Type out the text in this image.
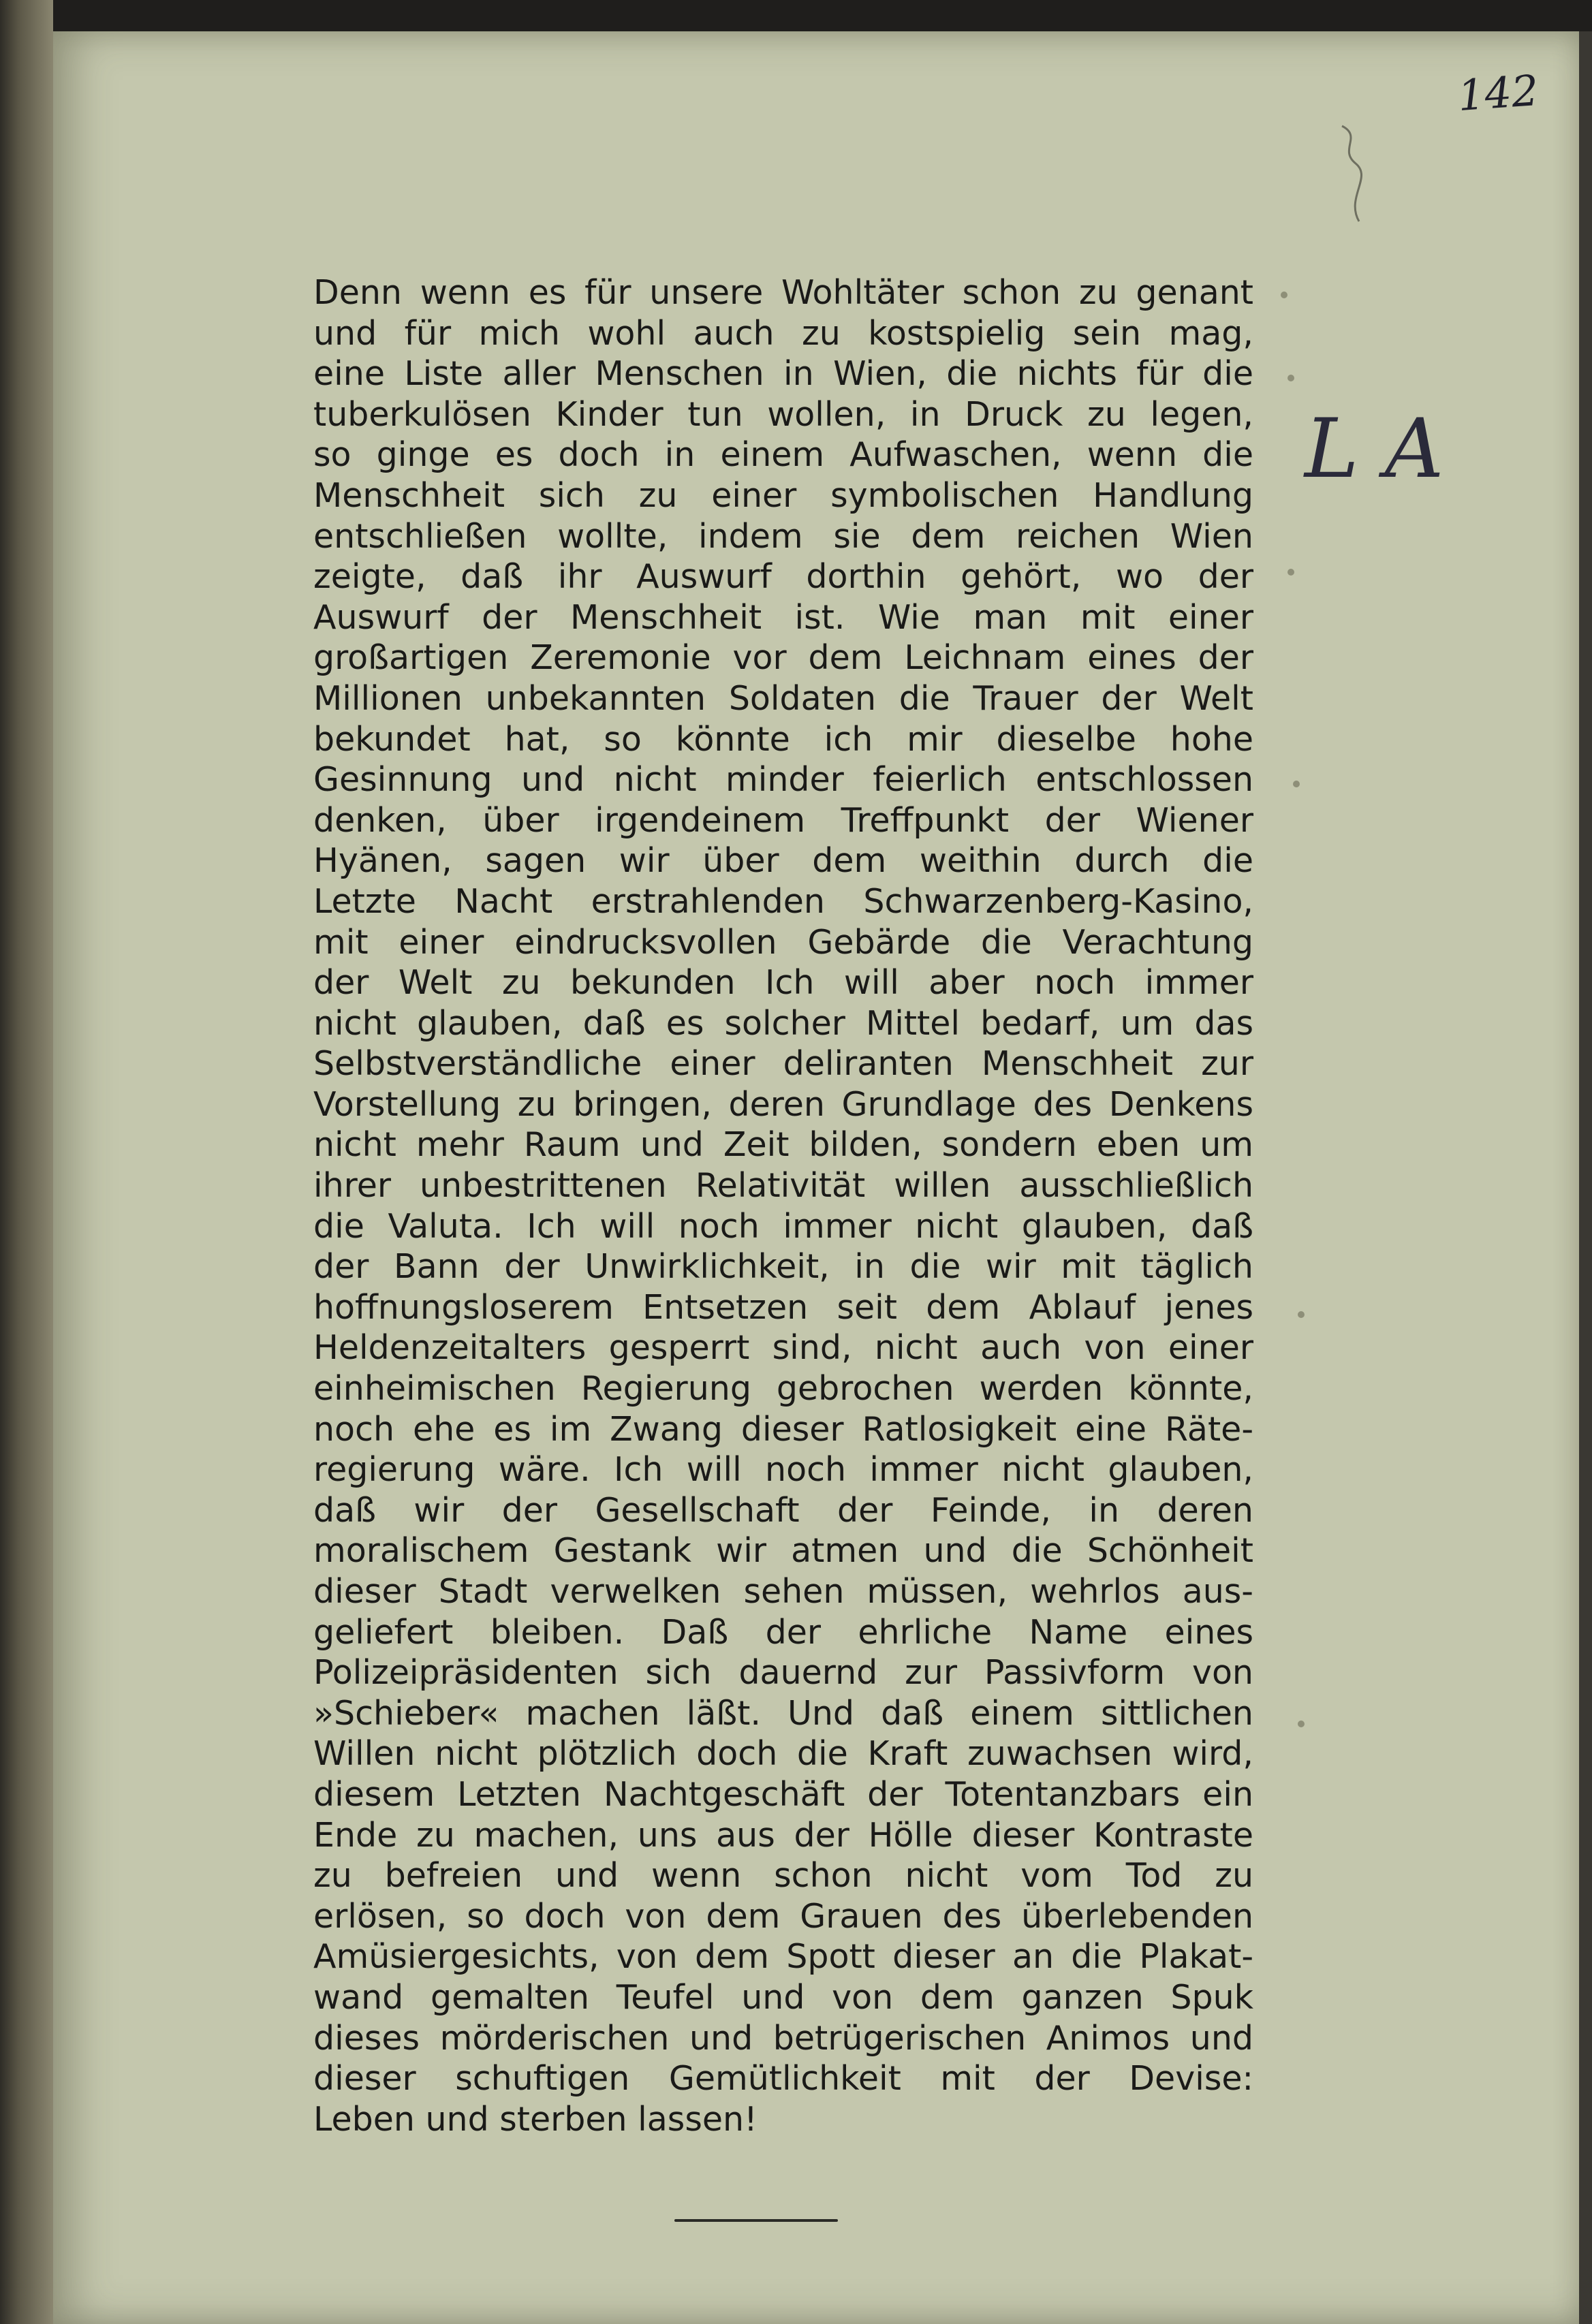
142
L A
Denn wenn es für unsere Wohltäter schon zu genant
und für mich wohl auch zu kostspielig sein mag,
eine Liste aller Menschen in Wien, die nichts für die
tuberkulösen Kinder tun wollen, in Druck zu legen,
so ginge es doch in einem Aufwaschen, wenn die
Menschheit sich zu einer symbolischen Handlung
entschließen wollte, indem sie dem reichen Wien
zeigte, daß ihr Auswurf dorthin gehört, wo der
Auswurf der Menschheit ist. Wie man mit einer
großartigen Zeremonie vor dem Leichnam eines der
Millionen unbekannten Soldaten die Trauer der Welt
bekundet hat, so könnte ich mir dieselbe hohe
Gesinnung und nicht minder feierlich entschlossen
denken, über irgendeinem Treffpunkt der Wiener
Hyänen, sagen wir über dem weithin durch die
Letzte Nacht erstrahlenden Schwarzenberg-Kasino,
mit einer eindrucksvollen Gebärde die Verachtung
der Welt zu bekunden Ich will aber noch immer
nicht glauben, daß es solcher Mittel bedarf, um das
Selbstverständliche einer deliranten Menschheit zur
Vorstellung zu bringen, deren Grundlage des Denkens
nicht mehr Raum und Zeit bilden, sondern eben um
ihrer unbestrittenen Relativität willen ausschließlich
die Valuta. Ich will noch immer nicht glauben, daß
der Bann der Unwirklichkeit, in die wir mit täglich
hoffnungsloserem Entsetzen seit dem Ablauf jenes
Heldenzeitalters gesperrt sind, nicht auch von einer
einheimischen Regierung gebrochen werden könnte,
noch ehe es im Zwang dieser Ratlosigkeit eine Räte-
regierung wäre. Ich will noch immer nicht glauben,
daß wir der Gesellschaft der Feinde, in deren
moralischem Gestank wir atmen und die Schönheit
dieser Stadt verwelken sehen müssen, wehrlos aus-
geliefert bleiben. Daß der ehrliche Name eines
Polizeipräsidenten sich dauernd zur Passivform von
»Schieber« machen läßt. Und daß einem sittlichen
Willen nicht plötzlich doch die Kraft zuwachsen wird,
diesem Letzten Nachtgeschäft der Totentanzbars ein
Ende zu machen, uns aus der Hölle dieser Kontraste
zu befreien und wenn schon nicht vom Tod zu
erlösen, so doch von dem Grauen des überlebenden
Amüsiergesichts, von dem Spott dieser an die Plakat-
wand gemalten Teufel und von dem ganzen Spuk
dieses mörderischen und betrügerischen Animos und
dieser schuftigen Gemütlichkeit mit der Devise:
Leben und sterben lassen!
